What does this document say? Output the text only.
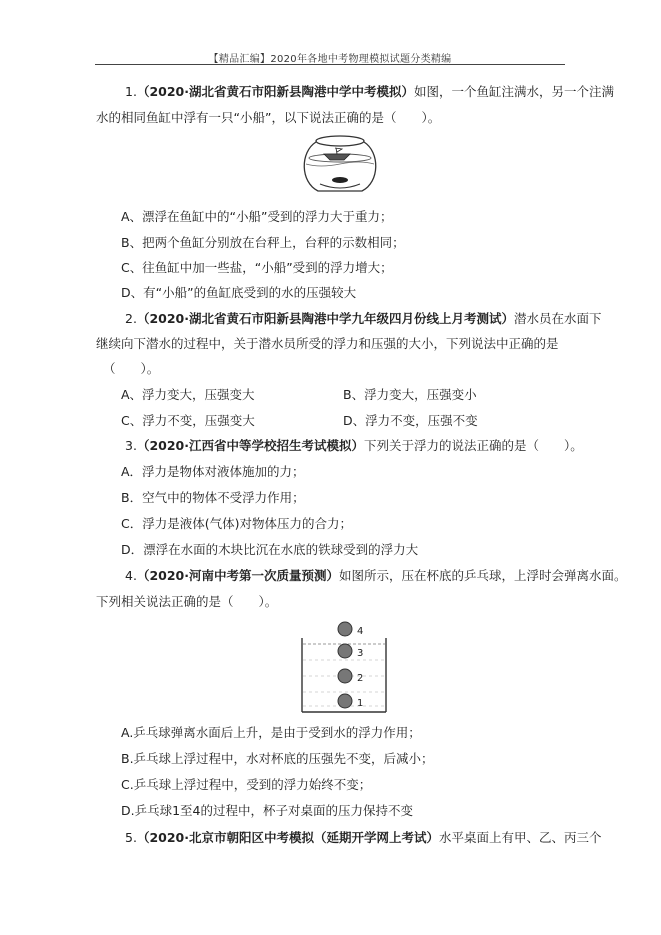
【精品汇编】2020年各地中考物理模拟试题分类精编
1.（2020·湖北省黄石市阳新县陶港中学中考模拟）如图，一个鱼缸注满水，另一个注满
水的相同鱼缸中浮有一只“小船”，以下说法正确的是（　　）。
A、漂浮在鱼缸中的“小船”受到的浮力大于重力；
B、把两个鱼缸分别放在台秤上，台秤的示数相同；
C、往鱼缸中加一些盐，“小船”受到的浮力增大；
D、有“小船”的鱼缸底受到的水的压强较大
2.（2020·湖北省黄石市阳新县陶港中学九年级四月份线上月考测试）潜水员在水面下
继续向下潜水的过程中，关于潜水员所受的浮力和压强的大小，下列说法中正确的是
（　　）。
A、浮力变大，压强变大	B、浮力变大，压强变小
C、浮力不变，压强变大	D、浮力不变，压强不变
3.（2020·江西省中等学校招生考试模拟）下列关于浮力的说法正确的是（　　）。
A．浮力是物体对液体施加的力；
B．空气中的物体不受浮力作用；
C．浮力是液体(气体)对物体压力的合力；
D．漂浮在水面的木块比沉在水底的铁球受到的浮力大
4.（2020·河南中考第一次质量预测）如图所示，压在杯底的乒乓球，上浮时会弹离水面。
下列相关说法正确的是（　　）。
4
3
2
1
A.乒乓球弹离水面后上升，是由于受到水的浮力作用；
B.乒乓球上浮过程中，水对杯底的压强先不变，后减小；
C.乒乓球上浮过程中，受到的浮力始终不变；
D.乒乓球1至4的过程中，杯子对桌面的压力保持不变
5.（2020·北京市朝阳区中考模拟（延期开学网上考试）水平桌面上有甲、乙、丙三个
